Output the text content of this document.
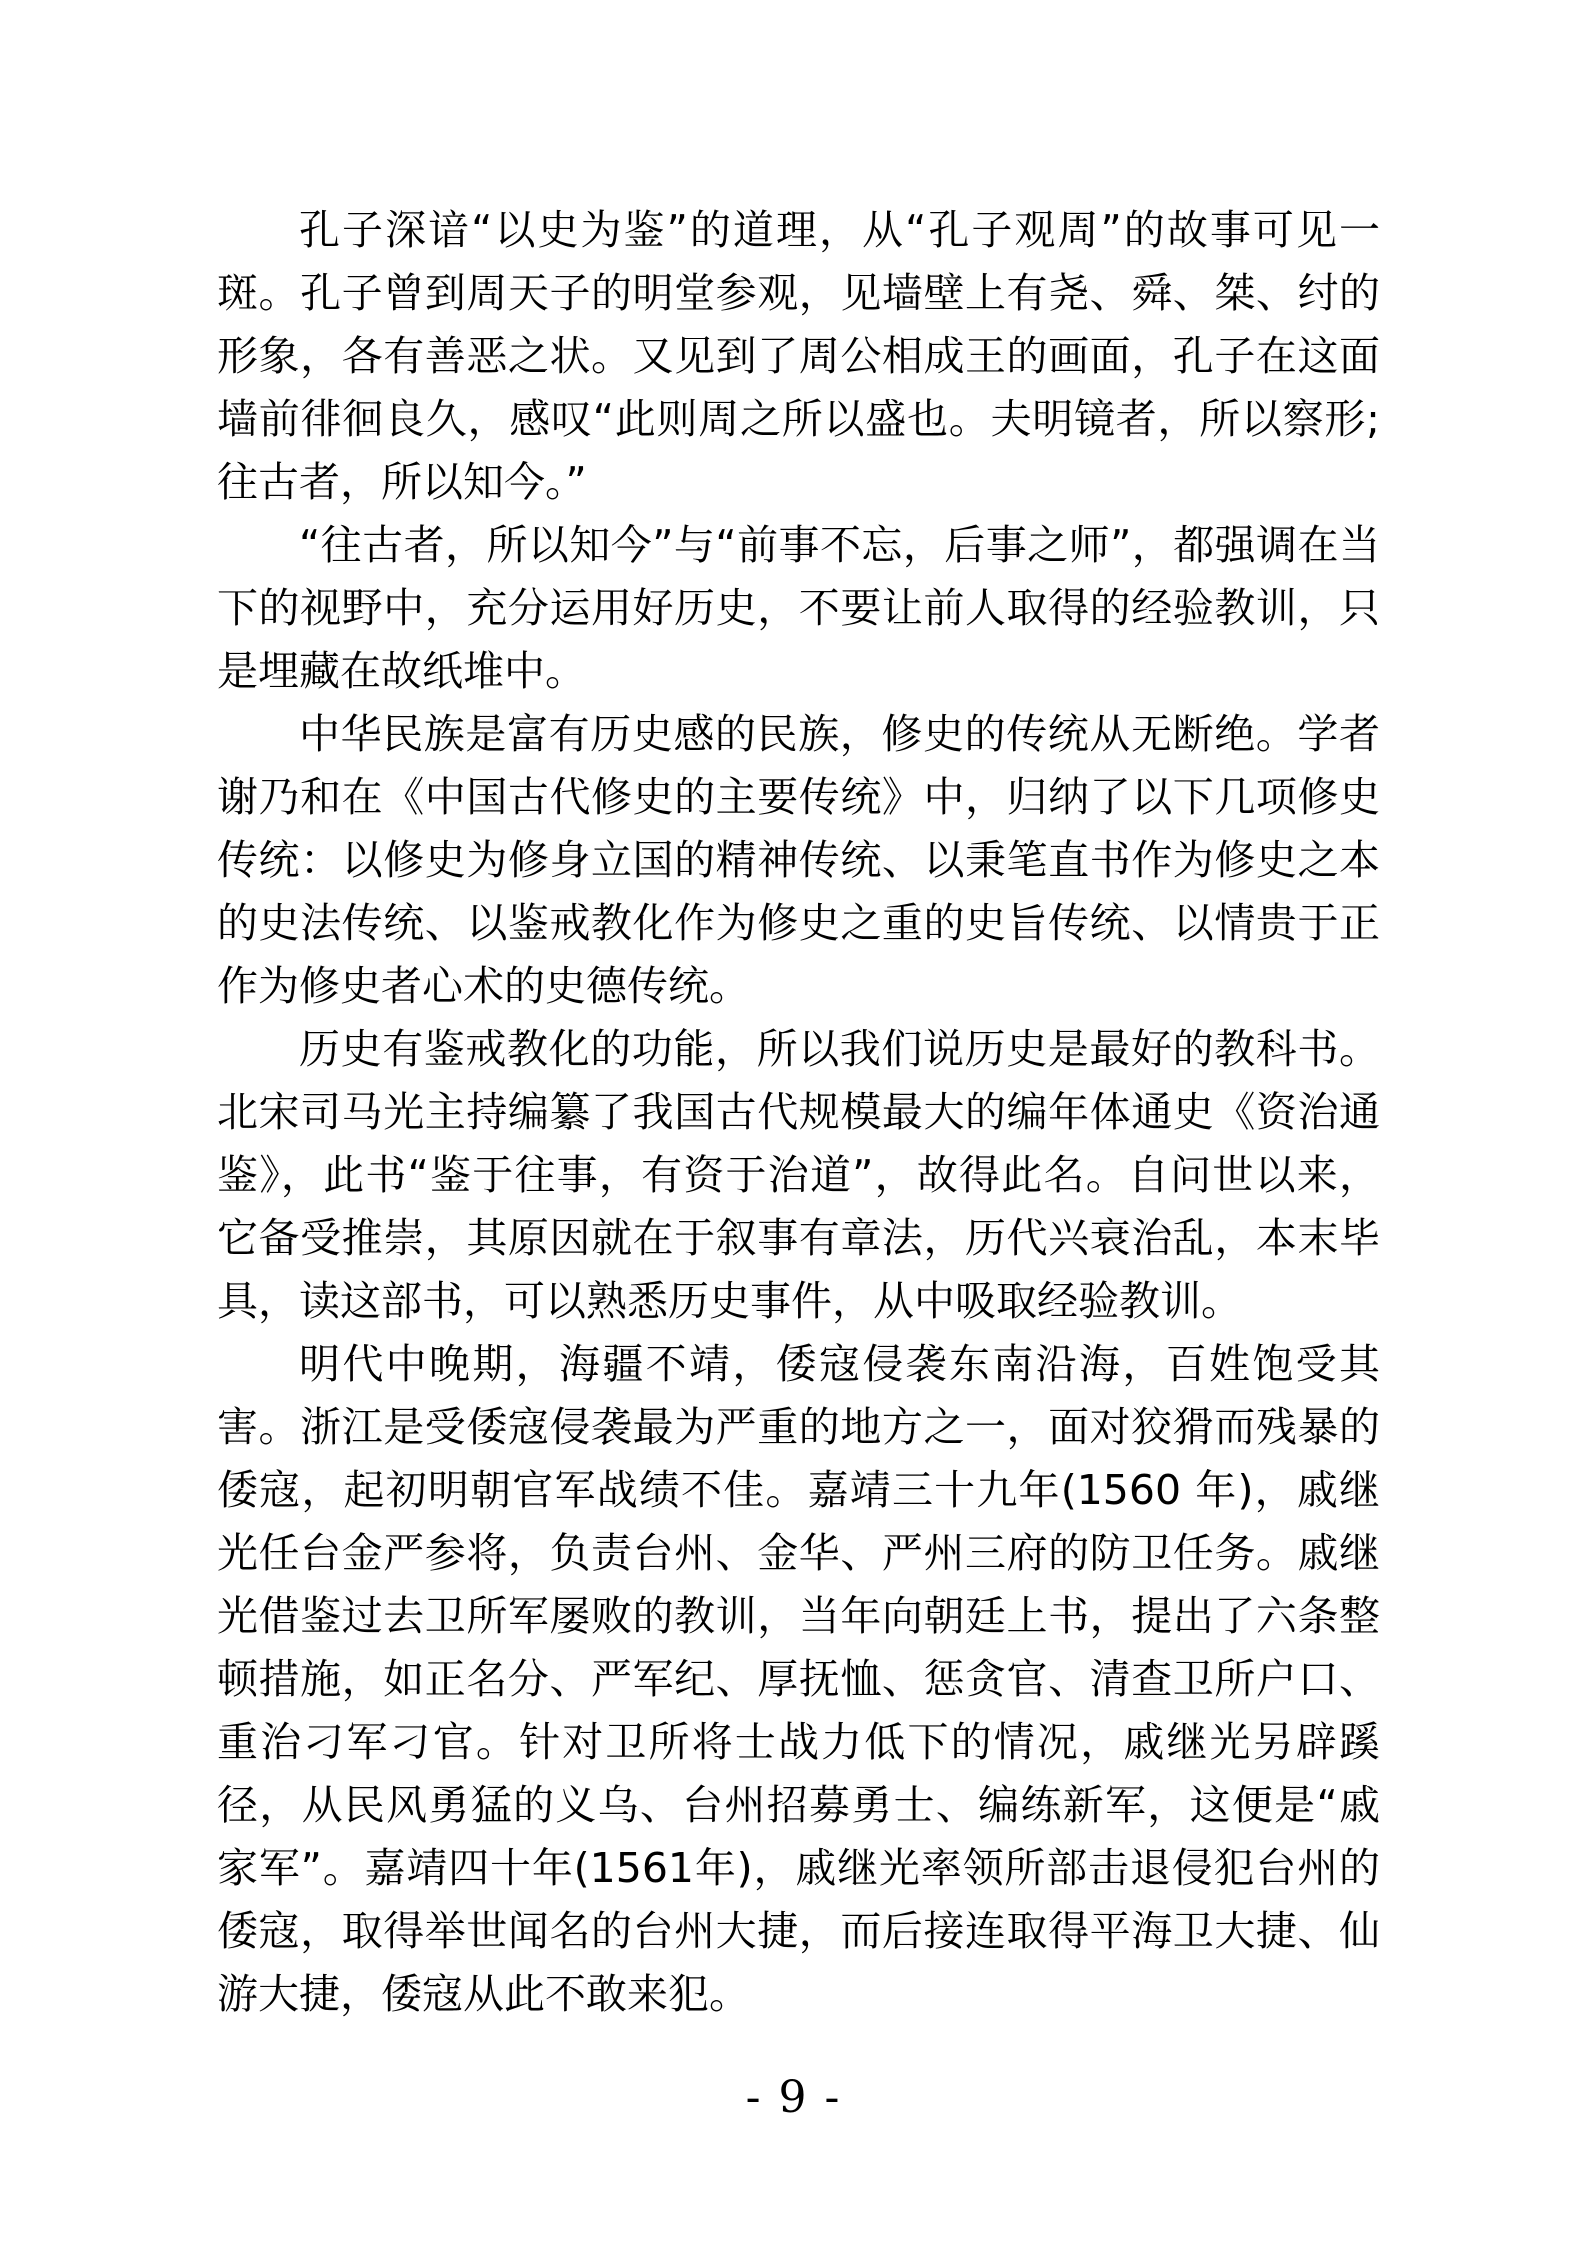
孔子深谙“以史为鉴”的道理，从“孔子观周”的故事可见一斑。孔子曾到周天子的明堂参观，见墙壁上有尧、舜、桀、纣的形象，各有善恶之状。又见到了周公相成王的画面，孔子在这面墙前徘徊良久，感叹“此则周之所以盛也。夫明镜者，所以察形;往古者，所以知今。”

“往古者，所以知今”与“前事不忘，后事之师”，都强调在当下的视野中，充分运用好历史，不要让前人取得的经验教训，只是埋藏在故纸堆中。

中华民族是富有历史感的民族，修史的传统从无断绝。学者谢乃和在《中国古代修史的主要传统》中，归纳了以下几项修史传统：以修史为修身立国的精神传统、以秉笔直书作为修史之本的史法传统、以鉴戒教化作为修史之重的史旨传统、以情贵于正作为修史者心术的史德传统。

历史有鉴戒教化的功能，所以我们说历史是最好的教科书。北宋司马光主持编纂了我国古代规模最大的编年体通史《资治通鉴》，此书“鉴于往事，有资于治道”，故得此名。自问世以来，它备受推崇，其原因就在于叙事有章法，历代兴衰治乱，本末毕具，读这部书，可以熟悉历史事件，从中吸取经验教训。

明代中晚期，海疆不靖，倭寇侵袭东南沿海，百姓饱受其害。浙江是受倭寇侵袭最为严重的地方之一，面对狡猾而残暴的倭寇，起初明朝官军战绩不佳。嘉靖三十九年(1560 年)，戚继光任台金严参将，负责台州、金华、严州三府的防卫任务。戚继光借鉴过去卫所军屡败的教训，当年向朝廷上书，提出了六条整顿措施，如正名分、严军纪、厚抚恤、惩贪官、清查卫所户口、重治刁军刁官。针对卫所将士战力低下的情况，戚继光另辟蹊径，从民风勇猛的义乌、台州招募勇士、编练新军，这便是“戚家军”。嘉靖四十年(1561年)，戚继光率领所部击退侵犯台州的倭寇，取得举世闻名的台州大捷，而后接连取得平海卫大捷、仙游大捷，倭寇从此不敢来犯。

- 9 -
